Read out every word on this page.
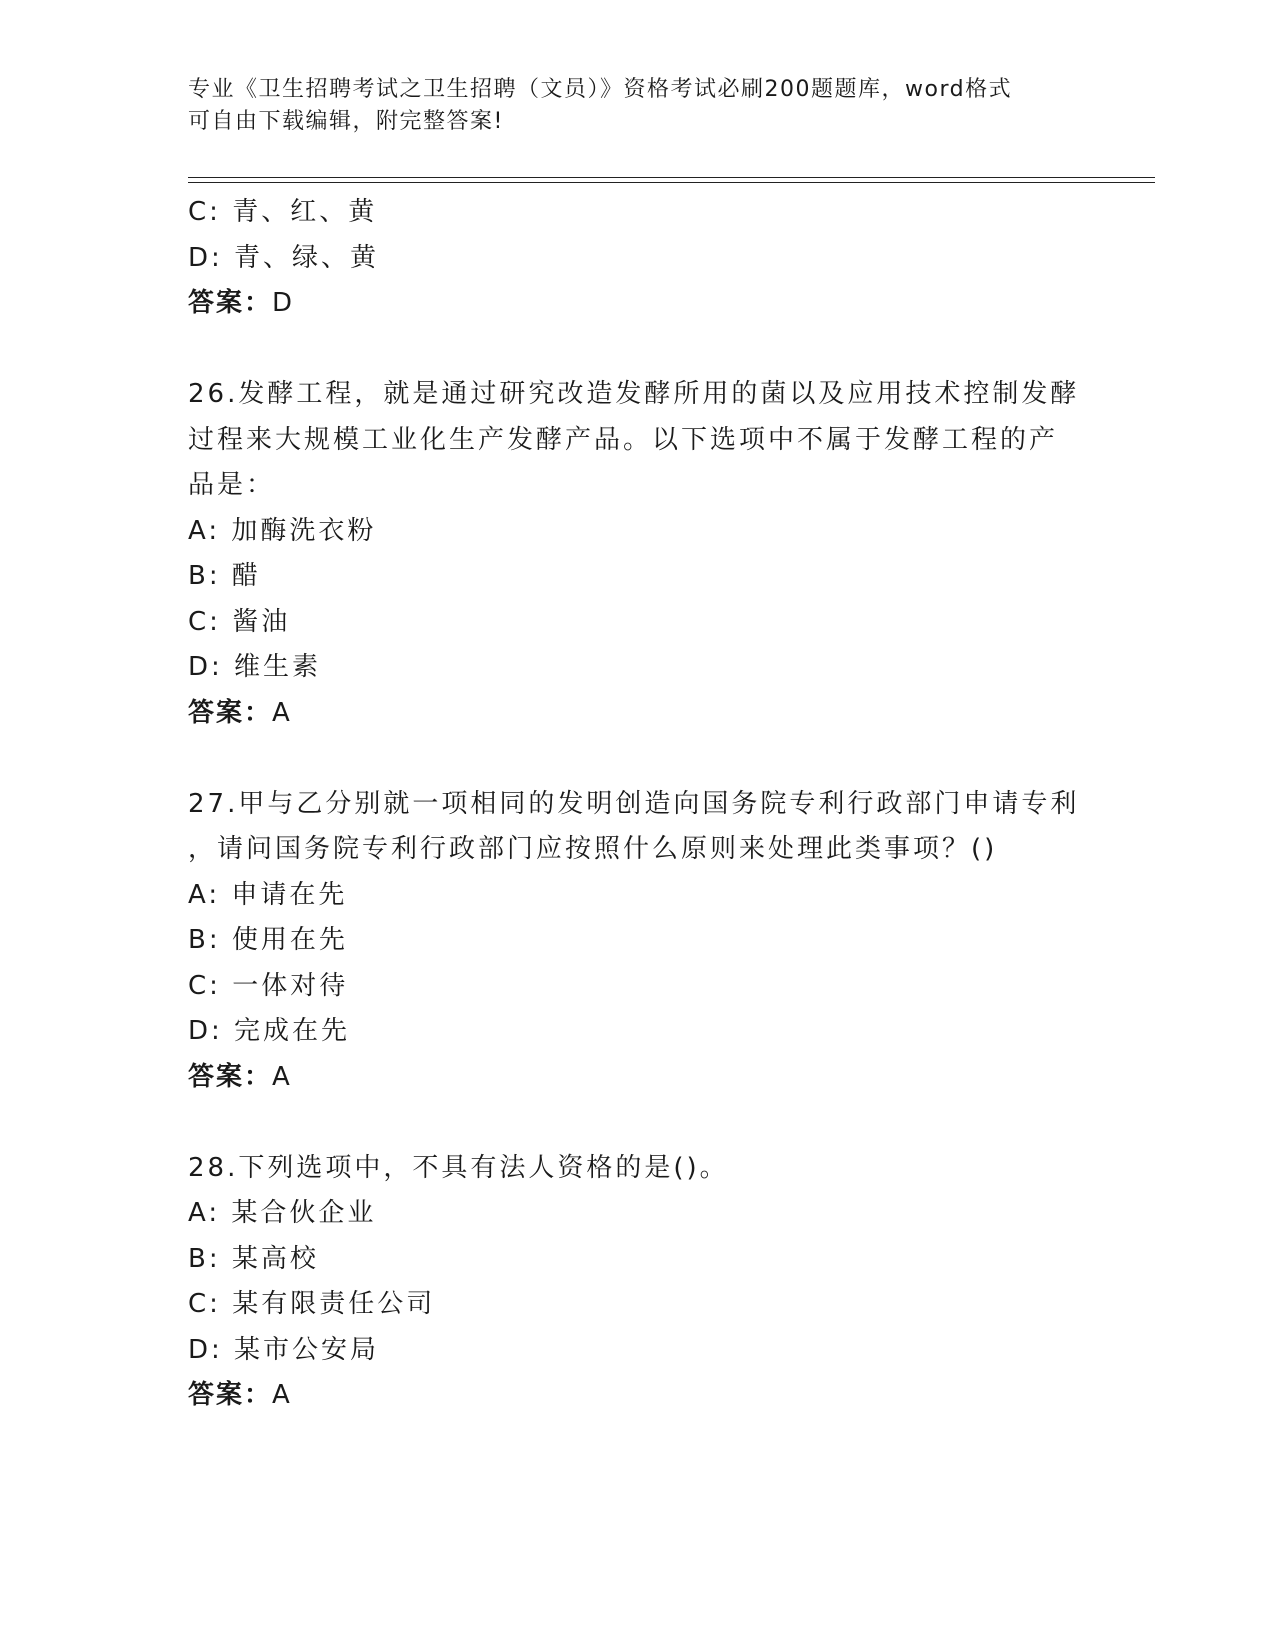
专业《卫生招聘考试之卫生招聘（文员）》资格考试必刷200题题库，word格式
可自由下载编辑，附完整答案!
C: 青、红、黄
D: 青、绿、黄
答案：D
26.发酵工程，就是通过研究改造发酵所用的菌以及应用技术控制发酵
过程来大规模工业化生产发酵产品。以下选项中不属于发酵工程的产
品是：
A: 加酶洗衣粉
B: 醋
C: 酱油
D: 维生素
答案：A
27.甲与乙分别就一项相同的发明创造向国务院专利行政部门申请专利
，请问国务院专利行政部门应按照什么原则来处理此类事项？()
A: 申请在先
B: 使用在先
C: 一体对待
D: 完成在先
答案：A
28.下列选项中，不具有法人资格的是()。
A: 某合伙企业
B: 某高校
C: 某有限责任公司
D: 某市公安局
答案：A
